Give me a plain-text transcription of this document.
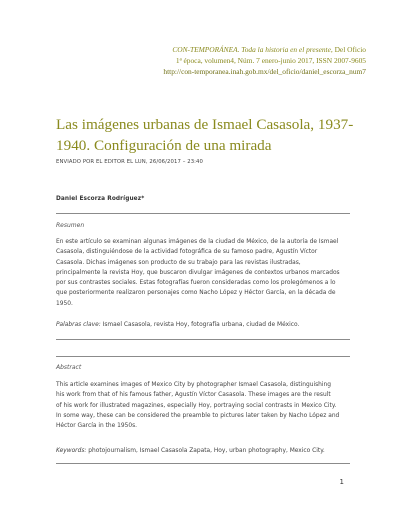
CON-TEMPORÁNEA. Toda la historia en el presente, Del Oficio
1ª época, volumen4, Núm. 7 enero-junio 2017, ISSN 2007-9605
http://con-temporanea.inah.gob.mx/del_oficio/daniel_escorza_num7
Las imágenes urbanas de Ismael Casasola, 1937-1940. Configuración de una mirada
ENVIADO POR EL EDITOR EL LUN, 26/06/2017 – 23:40
Daniel Escorza Rodríguez*
Resumen
En este artículo se examinan algunas imágenes de la ciudad de México, de la autoría de Ismael
Casasola, distinguiéndose de la actividad fotográfica de su famoso padre, Agustín Víctor
Casasola. Dichas imágenes son producto de su trabajo para las revistas ilustradas,
principalmente la revista Hoy, que buscaron divulgar imágenes de contextos urbanos marcados
por sus contrastes sociales. Estas fotografías fueron consideradas como los prolegómenos a lo
que posteriormente realizaron personajes como Nacho López y Héctor García, en la década de
1950.
Palabras clave: Ismael Casasola, revista Hoy, fotografía urbana, ciudad de México.
Abstract
This article examines images of Mexico City by photographer Ismael Casasola, distinguishing
his work from that of his famous father, Agustín Víctor Casasola. These images are the result
of his work for illustrated magazines, especially Hoy, portraying social contrasts in Mexico City.
In some way, these can be considered the preamble to pictures later taken by Nacho López and
Héctor García in the 1950s.
Keywords: photojournalism, Ismael Casasola Zapata, Hoy, urban photography, Mexico City.
1
